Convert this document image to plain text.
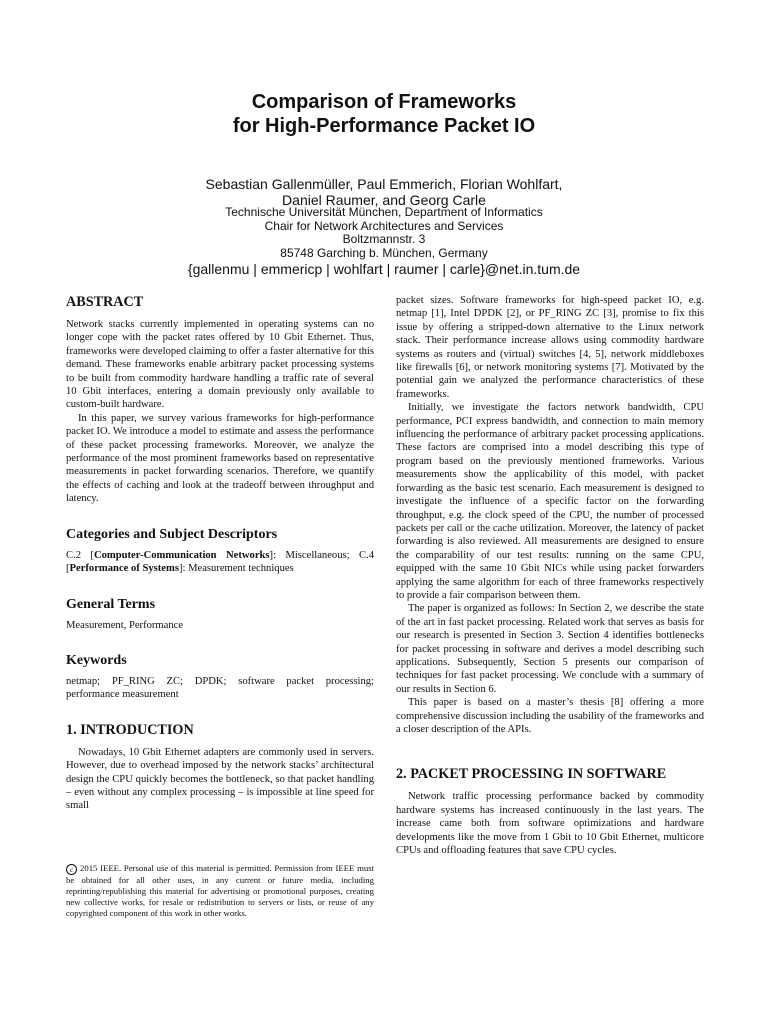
Comparison of Frameworks
for High-Performance Packet IO
Sebastian Gallenmüller, Paul Emmerich, Florian Wohlfart,
Daniel Raumer, and Georg Carle
Technische Universität München, Department of Informatics
Chair for Network Architectures and Services
Boltzmannstr. 3
85748 Garching b. München, Germany
{gallenmu | emmericp | wohlfart | raumer | carle}@net.in.tum.de
ABSTRACT

Network stacks currently implemented in operating systems can no longer cope with the packet rates offered by 10 Gbit Ethernet. Thus, frameworks were developed claiming to offer a faster alternative for this demand. These frameworks enable arbitrary packet processing systems to be built from commodity hardware handling a traffic rate of several 10 Gbit interfaces, entering a domain previously only available to custom-built hardware.

In this paper, we survey various frameworks for high-performance packet IO. We introduce a model to estimate and assess the performance of these packet processing frameworks. Moreover, we analyze the performance of the most prominent frameworks based on representative measurements in packet forwarding scenarios. Therefore, we quantify the effects of caching and look at the tradeoff between throughput and latency.

Categories and Subject Descriptors

C.2 [Computer-Communication Networks]: Miscellaneous; C.4 [Performance of Systems]: Measurement techniques

General Terms

Measurement, Performance

Keywords

netmap; PF_RING ZC; DPDK; software packet processing; performance measurement

1. INTRODUCTION

Nowadays, 10 Gbit Ethernet adapters are commonly used in servers. However, due to overhead imposed by the network stacks’ architectural design the CPU quickly becomes the bottleneck, so that packet handling – even without any complex processing – is impossible at line speed for small

c 2015 IEEE. Personal use of this material is permitted. Permission from IEEE must be obtained for all other uses, in any current or future media, including reprinting/republishing this material for advertising or promotional purposes, creating new collective works, for resale or redistribution to servers or lists, or reuse of any copyrighted component of this work in other works.

packet sizes. Software frameworks for high-speed packet IO, e.g. netmap [1], Intel DPDK [2], or PF_RING ZC [3], promise to fix this issue by offering a stripped-down alternative to the Linux network stack. Their performance increase allows using commodity hardware systems as routers and (virtual) switches [4, 5], network middleboxes like firewalls [6], or network monitoring systems [7]. Motivated by the potential gain we analyzed the performance characteristics of these frameworks.

Initially, we investigate the factors network bandwidth, CPU performance, PCI express bandwidth, and connection to main memory influencing the performance of arbitrary packet processing applications. These factors are comprised into a model describing this type of program based on the previously mentioned frameworks. Various measurements show the applicability of this model, with packet forwarding as the basic test scenario. Each measurement is designed to investigate the influence of a specific factor on the forwarding throughput, e.g. the clock speed of the CPU, the number of processed packets per call or the cache utilization. Moreover, the latency of packet forwarding is also reviewed. All measurements are designed to ensure the comparability of our test results: running on the same CPU, equipped with the same 10 Gbit NICs while using packet forwarders applying the same algorithm for each of three frameworks respectively to provide a fair comparison between them.

The paper is organized as follows: In Section 2, we describe the state of the art in fast packet processing. Related work that serves as basis for our research is presented in Section 3. Section 4 identifies bottlenecks for packet processing in software and derives a model describing such applications. Subsequently, Section 5 presents our comparison of techniques for fast packet processing. We conclude with a summary of our results in Section 6.

This paper is based on a master’s thesis [8] offering a more comprehensive discussion including the usability of the frameworks and a closer description of the APIs.

2. PACKET PROCESSING IN SOFTWARE

Network traffic processing performance backed by commodity hardware systems has increased continuously in the last years. The increase came both from software optimizations and hardware developments like the move from 1 Gbit to 10 Gbit Ethernet, multicore CPUs and offloading features that save CPU cycles.
